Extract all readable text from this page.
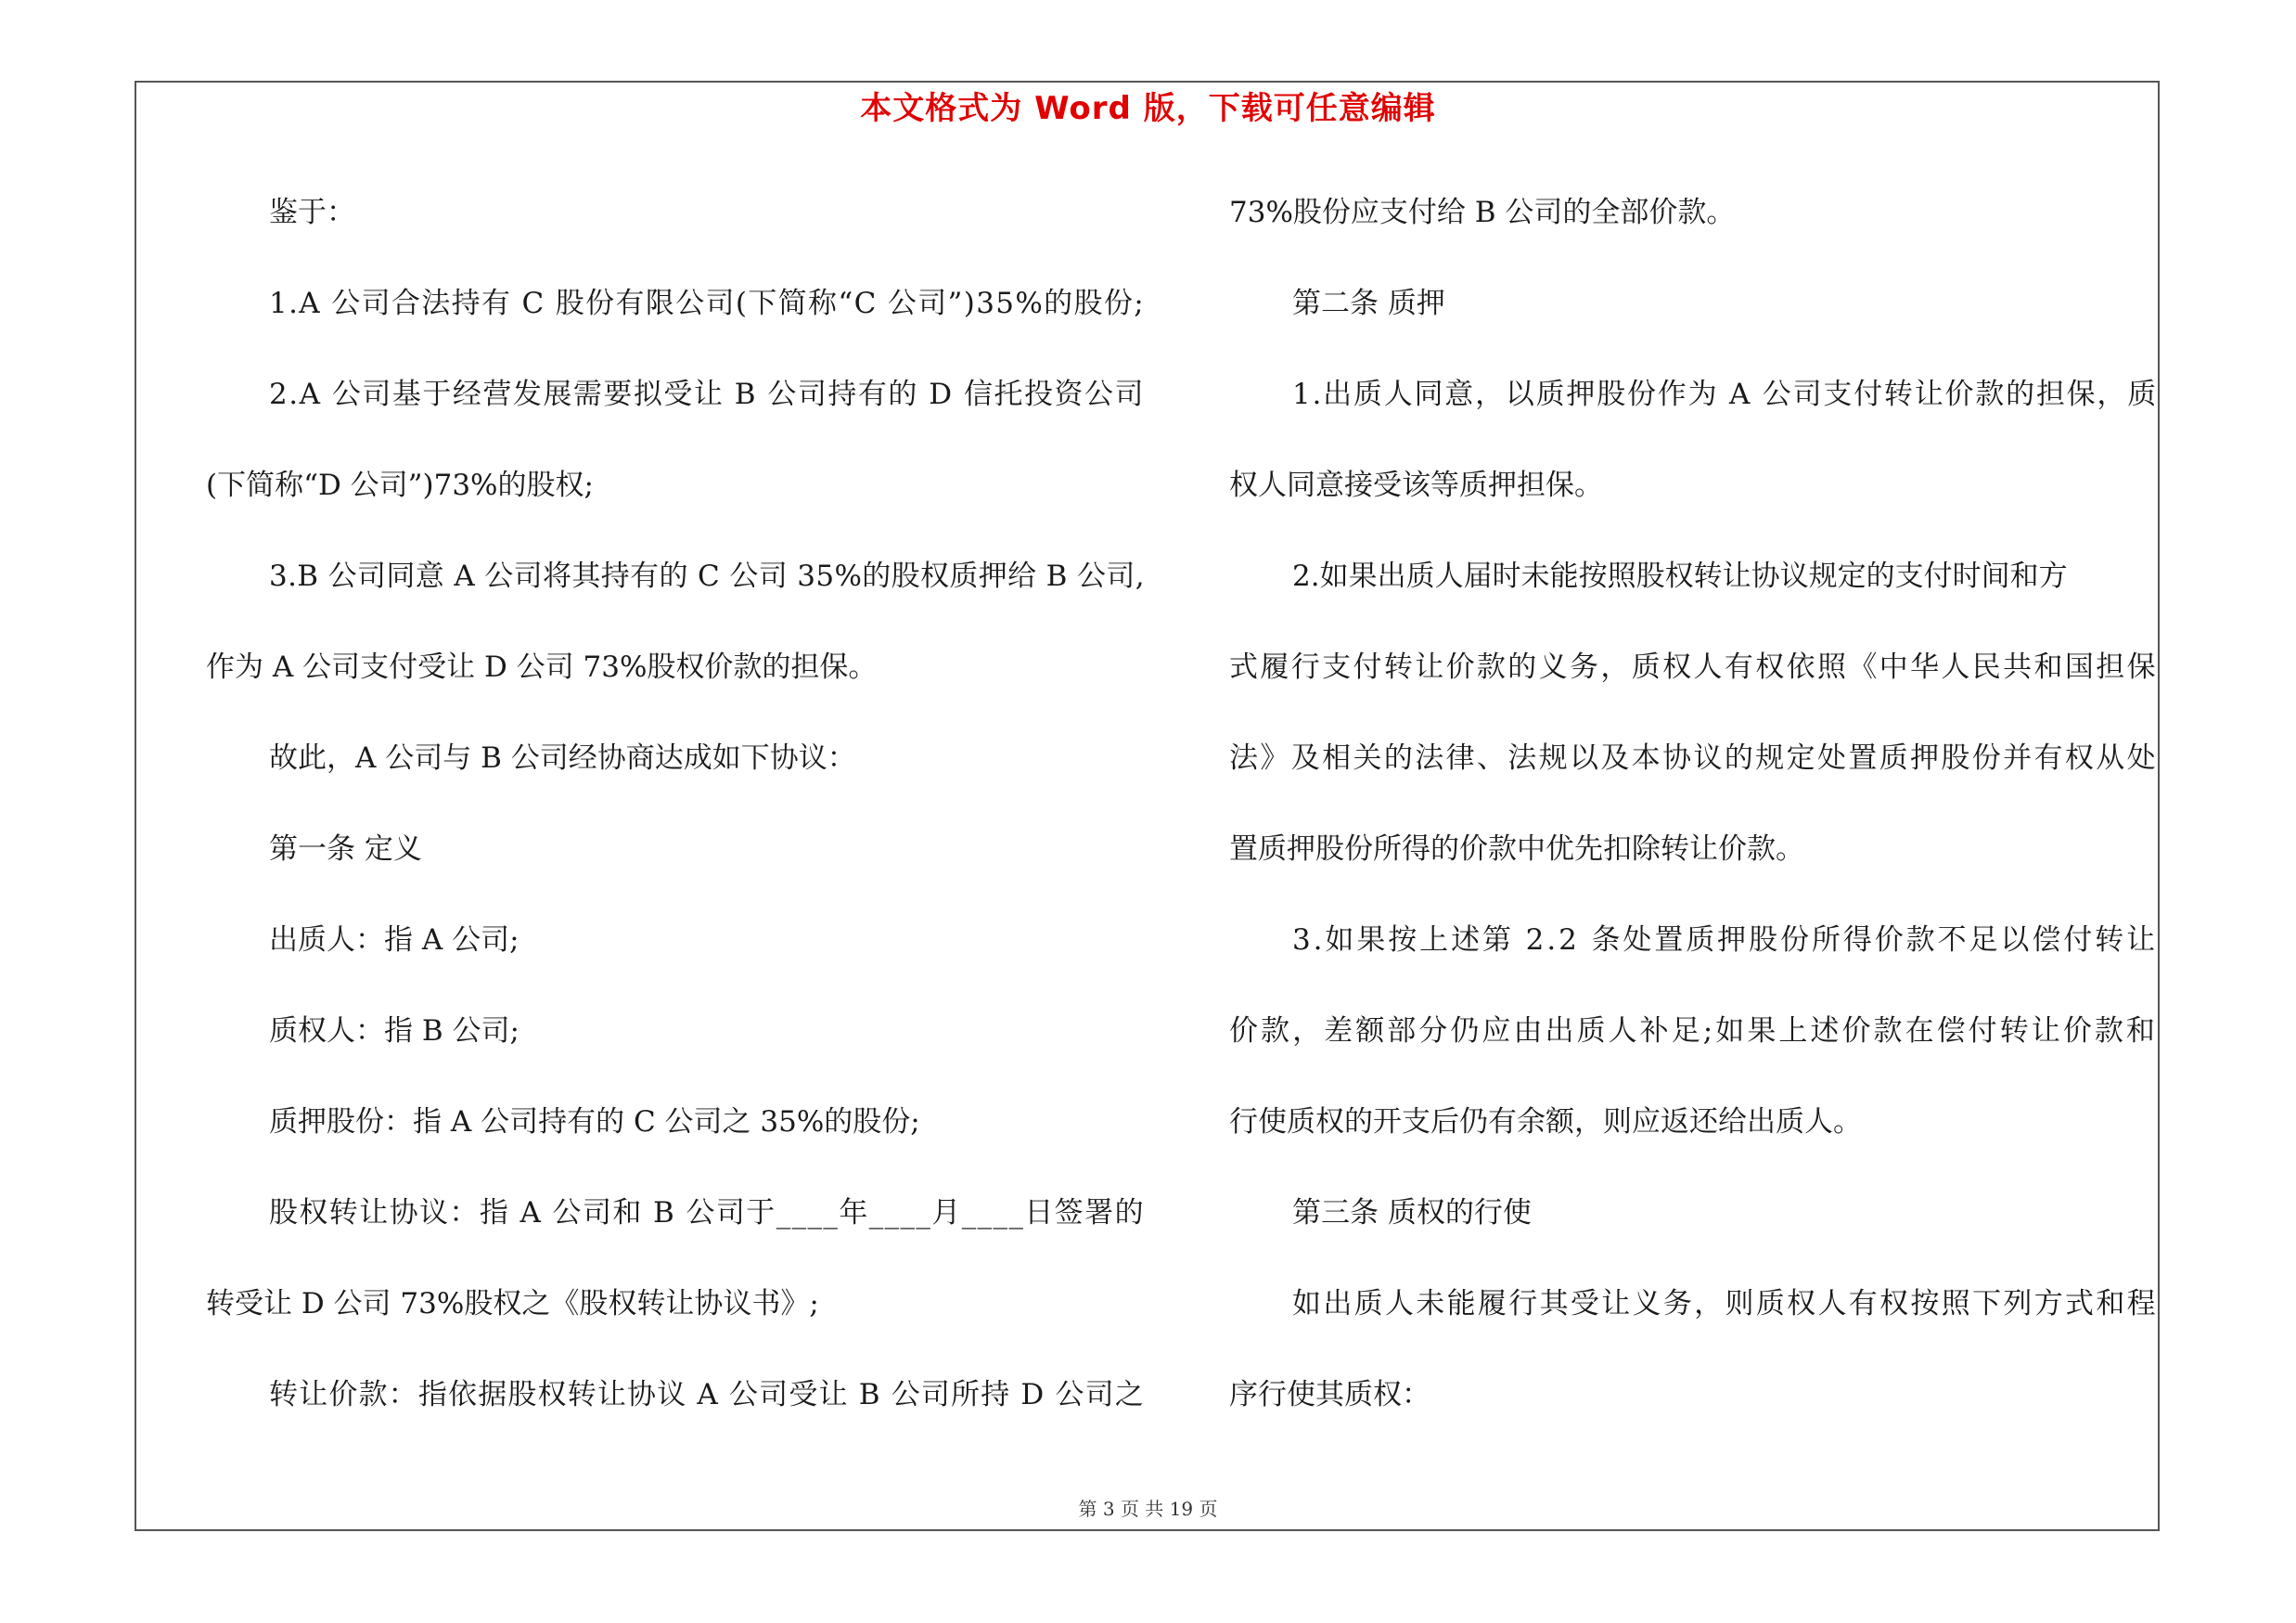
本文格式为 Word 版，下载可任意编辑

鉴于：

1.A 公司合法持有 C 股份有限公司(下简称“C 公司”)35%的股份;

2.A 公司基于经营发展需要拟受让 B 公司持有的 D 信托投资公司

(下简称“D 公司”)73%的股权;

3.B 公司同意 A 公司将其持有的 C 公司 35%的股权质押给 B 公司,

作为 A 公司支付受让 D 公司 73%股权价款的担保。

故此，A 公司与 B 公司经协商达成如下协议：

第一条 定义

出质人：指 A 公司;

质权人：指 B 公司;

质押股份：指 A 公司持有的 C 公司之 35%的股份;

股权转让协议：指 A 公司和 B 公司于____年____月____日签署的

转受让 D 公司 73%股权之《股权转让协议书》;

转让价款：指依据股权转让协议 A 公司受让 B 公司所持 D 公司之

73%股份应支付给 B 公司的全部价款。

第二条 质押

1.出质人同意，以质押股份作为 A 公司支付转让价款的担保，质

权人同意接受该等质押担保。

2.如果出质人届时未能按照股权转让协议规定的支付时间和方

式履行支付转让价款的义务，质权人有权依照《中华人民共和国担保

法》及相关的法律、法规以及本协议的规定处置质押股份并有权从处

置质押股份所得的价款中优先扣除转让价款。

3.如果按上述第 2.2 条处置质押股份所得价款不足以偿付转让

价款，差额部分仍应由出质人补足;如果上述价款在偿付转让价款和

行使质权的开支后仍有余额，则应返还给出质人。

第三条 质权的行使

如出质人未能履行其受让义务，则质权人有权按照下列方式和程

序行使其质权：

第 3 页 共 19 页
